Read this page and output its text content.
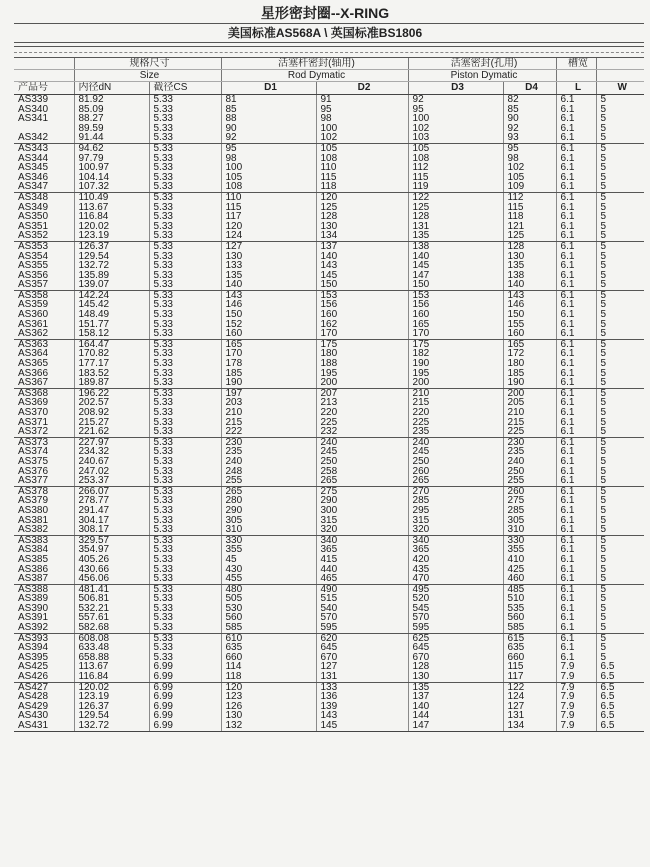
星形密封圈--X-RING
美国标准AS568A \ 英国标准BS1806
	规格尺寸		活塞杆密封(轴用)		活塞密封(孔用)		槽宽	
	Size		Rod Dymatic		Piston Dymatic			
产品号	内径dN	截径CS	D1	D2	D3	D4	L	W
AS339	81.92	5.33	81	91	92	82	6.1	5
AS340	85.09	5.33	85	95	95	85	6.1	5
AS341	88.27	5.33	88	98	100	90	6.1	5
	89.59	5.33	90	100	102	92	6.1	5
AS342	91.44	5.33	92	102	103	93	6.1	5
AS343	94.62	5.33	95	105	105	95	6.1	5
AS344	97.79	5.33	98	108	108	98	6.1	5
AS345	100.97	5.33	100	110	112	102	6.1	5
AS346	104.14	5.33	105	115	115	105	6.1	5
AS347	107.32	5.33	108	118	119	109	6.1	5
AS348	110.49	5.33	110	120	122	112	6.1	5
AS349	113.67	5.33	115	125	125	115	6.1	5
AS350	116.84	5.33	117	128	128	118	6.1	5
AS351	120.02	5.33	120	130	131	121	6.1	5
AS352	123.19	5.33	124	134	135	125	6.1	5
AS353	126.37	5.33	127	137	138	128	6.1	5
AS354	129.54	5.33	130	140	140	130	6.1	5
AS355	132.72	5.33	133	143	145	135	6.1	5
AS356	135.89	5.33	135	145	147	138	6.1	5
AS357	139.07	5.33	140	150	150	140	6.1	5
AS358	142.24	5.33	143	153	153	143	6.1	5
AS359	145.42	5.33	146	156	156	146	6.1	5
AS360	148.49	5.33	150	160	160	150	6.1	5
AS361	151.77	5.33	152	162	165	155	6.1	5
AS362	158.12	5.33	160	170	170	160	6.1	5
AS363	164.47	5.33	165	175	175	165	6.1	5
AS364	170.82	5.33	170	180	182	172	6.1	5
AS365	177.17	5.33	178	188	190	180	6.1	5
AS366	183.52	5.33	185	195	195	185	6.1	5
AS367	189.87	5.33	190	200	200	190	6.1	5
AS368	196.22	5.33	197	207	210	200	6.1	5
AS369	202.57	5.33	203	213	215	205	6.1	5
AS370	208.92	5.33	210	220	220	210	6.1	5
AS371	215.27	5.33	215	225	225	215	6.1	5
AS372	221.62	5.33	222	232	235	225	6.1	5
AS373	227.97	5.33	230	240	240	230	6.1	5
AS374	234.32	5.33	235	245	245	235	6.1	5
AS375	240.67	5.33	240	250	250	240	6.1	5
AS376	247.02	5.33	248	258	260	250	6.1	5
AS377	253.37	5.33	255	265	265	255	6.1	5
AS378	266.07	5.33	265	275	270	260	6.1	5
AS379	278.77	5.33	280	290	285	275	6.1	5
AS380	291.47	5.33	290	300	295	285	6.1	5
AS381	304.17	5.33	305	315	315	305	6.1	5
AS382	308.17	5.33	310	320	320	310	6.1	5
AS383	329.57	5.33	330	340	340	330	6.1	5
AS384	354.97	5.33	355	365	365	355	6.1	5
AS385	405.26	5.33	45	415	420	410	6.1	5
AS386	430.66	5.33	430	440	435	425	6.1	5
AS387	456.06	5.33	455	465	470	460	6.1	5
AS388	481.41	5.33	480	490	495	485	6.1	5
AS389	506.81	5.33	505	515	520	510	6.1	5
AS390	532.21	5.33	530	540	545	535	6.1	5
AS391	557.61	5.33	560	570	570	560	6.1	5
AS392	582.68	5.33	585	595	595	585	6.1	5
AS393	608.08	5.33	610	620	625	615	6.1	5
AS394	633.48	5.33	635	645	645	635	6.1	5
AS395	658.88	5.33	660	670	670	660	6.1	5
AS425	113.67	6.99	114	127	128	115	7.9	6.5
AS426	116.84	6.99	118	131	130	117	7.9	6.5
AS427	120.02	6.99	120	133	135	122	7.9	6.5
AS428	123.19	6.99	123	136	137	124	7.9	6.5
AS429	126.37	6.99	126	139	140	127	7.9	6.5
AS430	129.54	6.99	130	143	144	131	7.9	6.5
AS431	132.72	6.99	132	145	147	134	7.9	6.5
